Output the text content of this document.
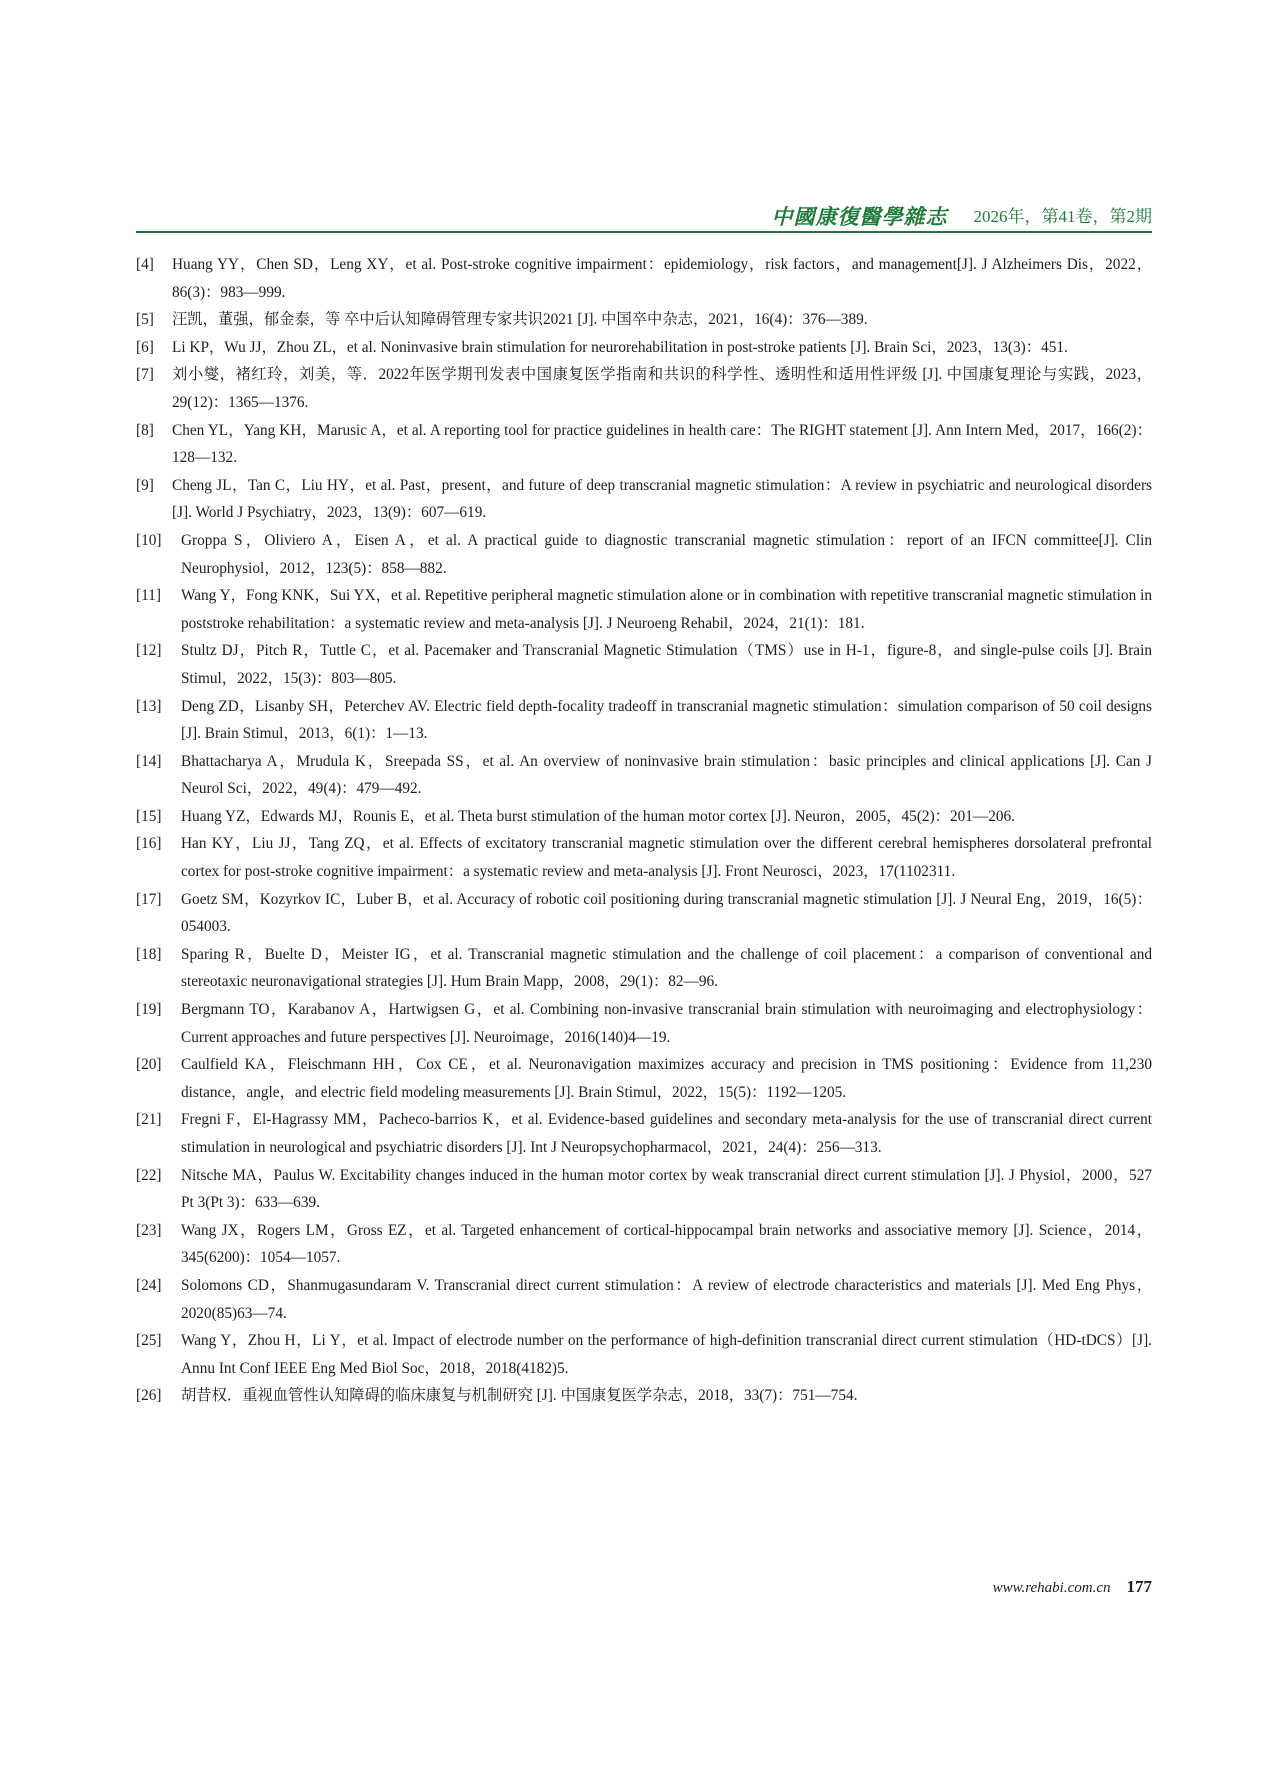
中國康復醫學雜志 2026年，第41卷，第2期
[4]	Huang YY，Chen SD，Leng XY，et al. Post-stroke cognitive impairment：epidemiology，risk factors，and management[J]. J Alzheimers Dis，2022，86(3)：983—999.
[5]	汪凯，董强，郁金泰，等 卒中后认知障碍管理专家共识2021 [J]. 中国卒中杂志，2021，16(4)：376—389.
[6]	Li KP，Wu JJ，Zhou ZL，et al. Noninvasive brain stimulation for neurorehabilitation in post-stroke patients [J]. Brain Sci，2023，13(3)：451.
[7]	刘小燮，褚红玲，刘美，等．2022年医学期刊发表中国康复医学指南和共识的科学性、透明性和适用性评级 [J]. 中国康复理论与实践，2023，29(12)：1365—1376.
[8]	Chen YL，Yang KH，Marusic A，et al. A reporting tool for practice guidelines in health care：The RIGHT statement [J]. Ann Intern Med，2017，166(2)：128—132.
[9]	Cheng JL，Tan C，Liu HY，et al. Past，present，and future of deep transcranial magnetic stimulation：A review in psychiatric and neurological disorders [J]. World J Psychiatry，2023，13(9)：607—619.
[10]	Groppa S，Oliviero A，Eisen A，et al. A practical guide to diagnostic transcranial magnetic stimulation：report of an IFCN committee[J]. Clin Neurophysiol，2012，123(5)：858—882.
[11]	Wang Y，Fong KNK，Sui YX，et al. Repetitive peripheral magnetic stimulation alone or in combination with repetitive transcranial magnetic stimulation in poststroke rehabilitation：a systematic review and meta-analysis [J]. J Neuroeng Rehabil，2024，21(1)：181.
[12]	Stultz DJ，Pitch R，Tuttle C，et al. Pacemaker and Transcranial Magnetic Stimulation（TMS）use in H-1，figure-8，and single-pulse coils [J]. Brain Stimul，2022，15(3)：803—805.
[13]	Deng ZD，Lisanby SH，Peterchev AV. Electric field depth-focality tradeoff in transcranial magnetic stimulation：simulation comparison of 50 coil designs [J]. Brain Stimul，2013，6(1)：1—13.
[14]	Bhattacharya A，Mrudula K，Sreepada SS，et al. An overview of noninvasive brain stimulation：basic principles and clinical applications [J]. Can J Neurol Sci，2022，49(4)：479—492.
[15]	Huang YZ，Edwards MJ，Rounis E，et al. Theta burst stimulation of the human motor cortex [J]. Neuron，2005，45(2)：201—206.
[16]	Han KY，Liu JJ，Tang ZQ，et al. Effects of excitatory transcranial magnetic stimulation over the different cerebral hemispheres dorsolateral prefrontal cortex for post-stroke cognitive impairment：a systematic review and meta-analysis [J]. Front Neurosci，2023，17(1102311.
[17]	Goetz SM，Kozyrkov IC，Luber B，et al. Accuracy of robotic coil positioning during transcranial magnetic stimulation [J]. J Neural Eng，2019，16(5)：054003.
[18]	Sparing R，Buelte D，Meister IG，et al. Transcranial magnetic stimulation and the challenge of coil placement：a comparison of conventional and stereotaxic neuronavigational strategies [J]. Hum Brain Mapp，2008，29(1)：82—96.
[19]	Bergmann TO，Karabanov A，Hartwigsen G，et al. Combining non-invasive transcranial brain stimulation with neuroimaging and electrophysiology：Current approaches and future perspectives [J]. Neuroimage，2016(140)4—19.
[20]	Caulfield KA，Fleischmann HH，Cox CE，et al. Neuronavigation maximizes accuracy and precision in TMS positioning：Evidence from 11,230 distance，angle，and electric field modeling measurements [J]. Brain Stimul，2022，15(5)：1192—1205.
[21]	Fregni F，El-Hagrassy MM，Pacheco-barrios K，et al. Evidence-based guidelines and secondary meta-analysis for the use of transcranial direct current stimulation in neurological and psychiatric disorders [J]. Int J Neuropsychopharmacol，2021，24(4)：256—313.
[22]	Nitsche MA，Paulus W. Excitability changes induced in the human motor cortex by weak transcranial direct current stimulation [J]. J Physiol，2000，527 Pt 3(Pt 3)：633—639.
[23]	Wang JX，Rogers LM，Gross EZ，et al. Targeted enhancement of cortical-hippocampal brain networks and associative memory [J]. Science，2014，345(6200)：1054—1057.
[24]	Solomons CD，Shanmugasundaram V. Transcranial direct current stimulation：A review of electrode characteristics and materials [J]. Med Eng Phys，2020(85)63—74.
[25]	Wang Y，Zhou H，Li Y，et al. Impact of electrode number on the performance of high-definition transcranial direct current stimulation（HD-tDCS）[J]. Annu Int Conf IEEE Eng Med Biol Soc，2018，2018(4182)5.
[26]	胡昔权．重视血管性认知障碍的临床康复与机制研究 [J]. 中国康复医学杂志，2018，33(7)：751—754.
www.rehabi.com.cn 177
